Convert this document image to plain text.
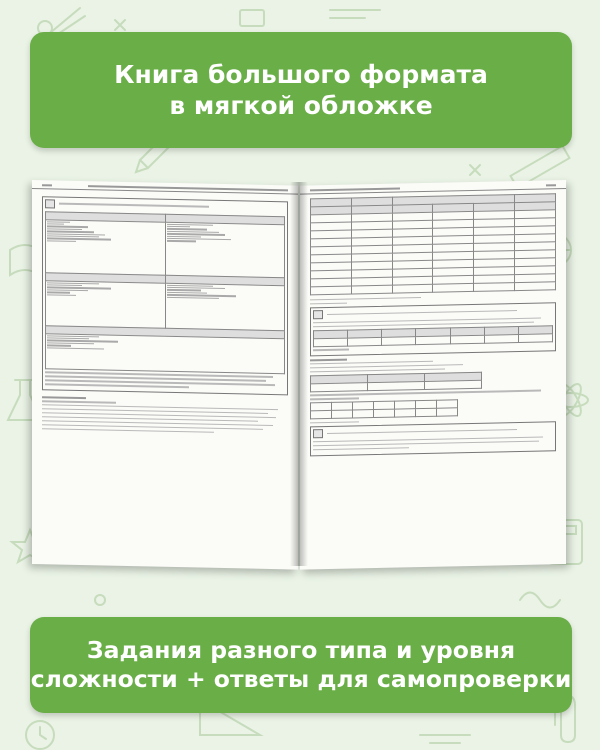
Книга большого формата
в мягкой обложке

Задания разного типа и уровня
сложности + ответы для самопроверки
